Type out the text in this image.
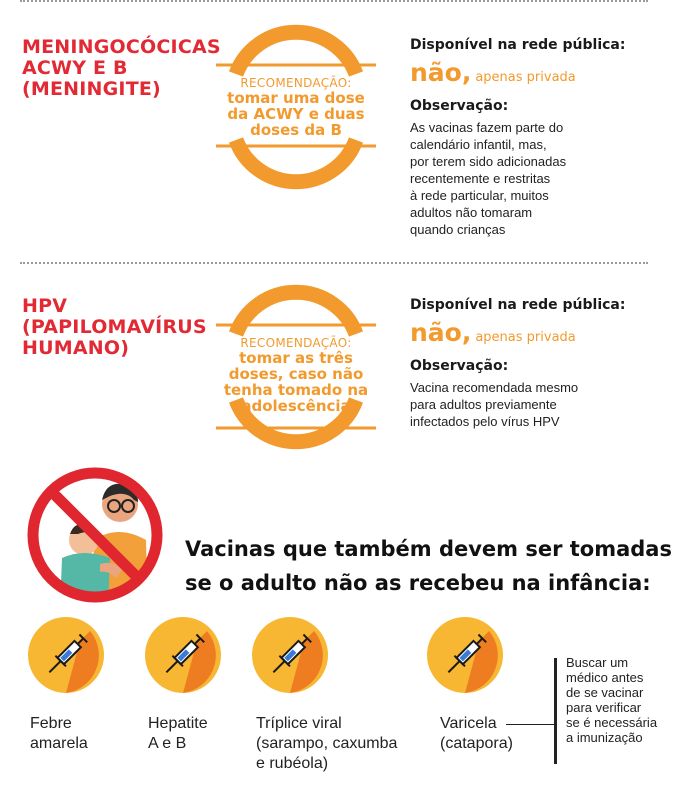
MENINGOCÓCICAS
ACWY E B
(MENINGITE)	RECOMENDAÇÃO:
tomar uma dose
da ACWY e duas
doses da B
Disponível na rede pública:
não, apenas privada
Observação:
As vacinas fazem parte do
calendário infantil, mas,
por terem sido adicionadas
recentemente e restritas
à rede particular, muitos
adultos não tomaram
quando crianças
HPV
(PAPILOMAVÍRUS
HUMANO)	RECOMENDAÇÃO:
tomar as três
doses, caso não
tenha tomado na
adolescência
Disponível na rede pública:
não, apenas privada
Observação:
Vacina recomendada mesmo
para adultos previamente
infectados pelo vírus HPV
Vacinas que também devem ser tomadas
se o adulto não as recebeu na infância:
Febre
amarela
Hepatite
A e B
Tríplice viral
(sarampo, caxumba
e rubéola)
Varicela
(catapora)
Buscar um
médico antes
de se vacinar
para verificar
se é necessária
a imunização
